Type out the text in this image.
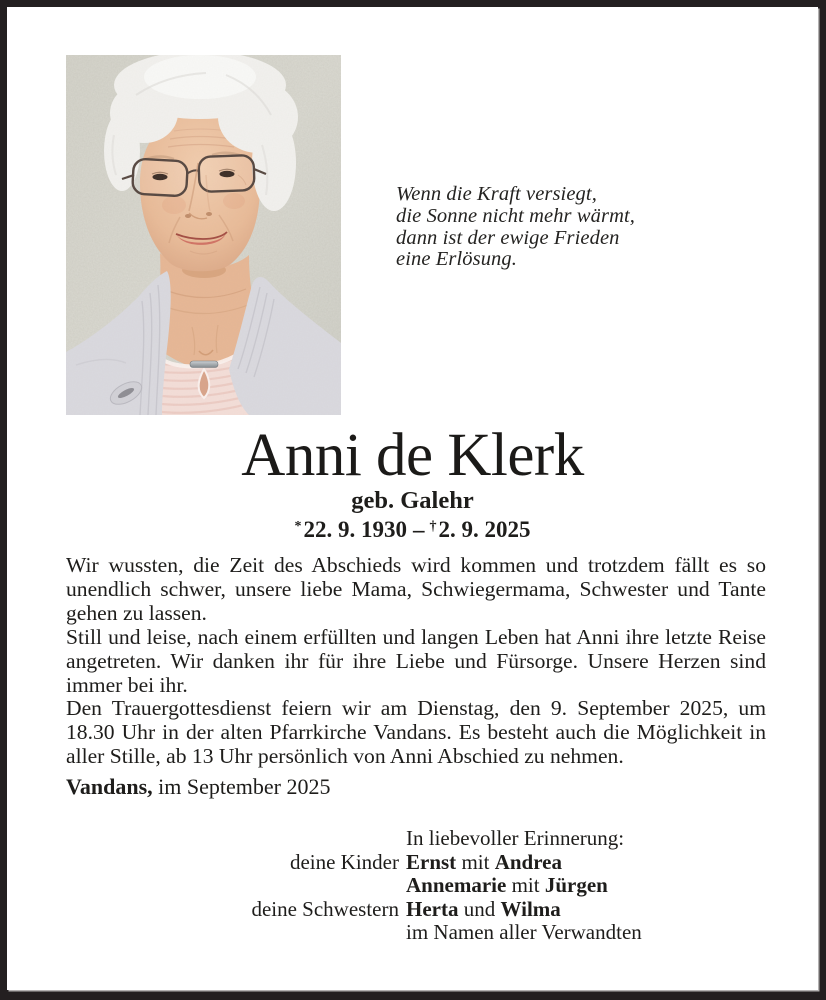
Wenn die Kraft versiegt,
die Sonne nicht mehr wärmt,
dann ist der ewige Frieden
eine Erlösung.
Anni de Klerk
geb. Galehr
*22. 9. 1930 – †2. 9. 2025

Wir wussten, die Zeit des Abschieds wird kommen und trotzdem fällt es so unendlich schwer, unsere liebe Mama, Schwiegermama, Schwester und Tante gehen zu lassen.

Still und leise, nach einem erfüllten und langen Leben hat Anni ihre letzte Reise angetreten. Wir danken ihr für ihre Liebe und Fürsorge. Unsere Herzen sind immer bei ihr.

Den Trauergottesdienst feiern wir am Dienstag, den 9. September 2025, um 18.30 Uhr in der alten Pfarrkirche Vandans. Es besteht auch die Möglichkeit in aller Stille, ab 13 Uhr persönlich von Anni Abschied zu nehmen.

Vandans, im September 2025
In liebevoller Erinnerung:
deine Kinder Ernst mit Andrea
Annemarie mit Jürgen
deine Schwestern Herta und Wilma
im Namen aller Verwandten
